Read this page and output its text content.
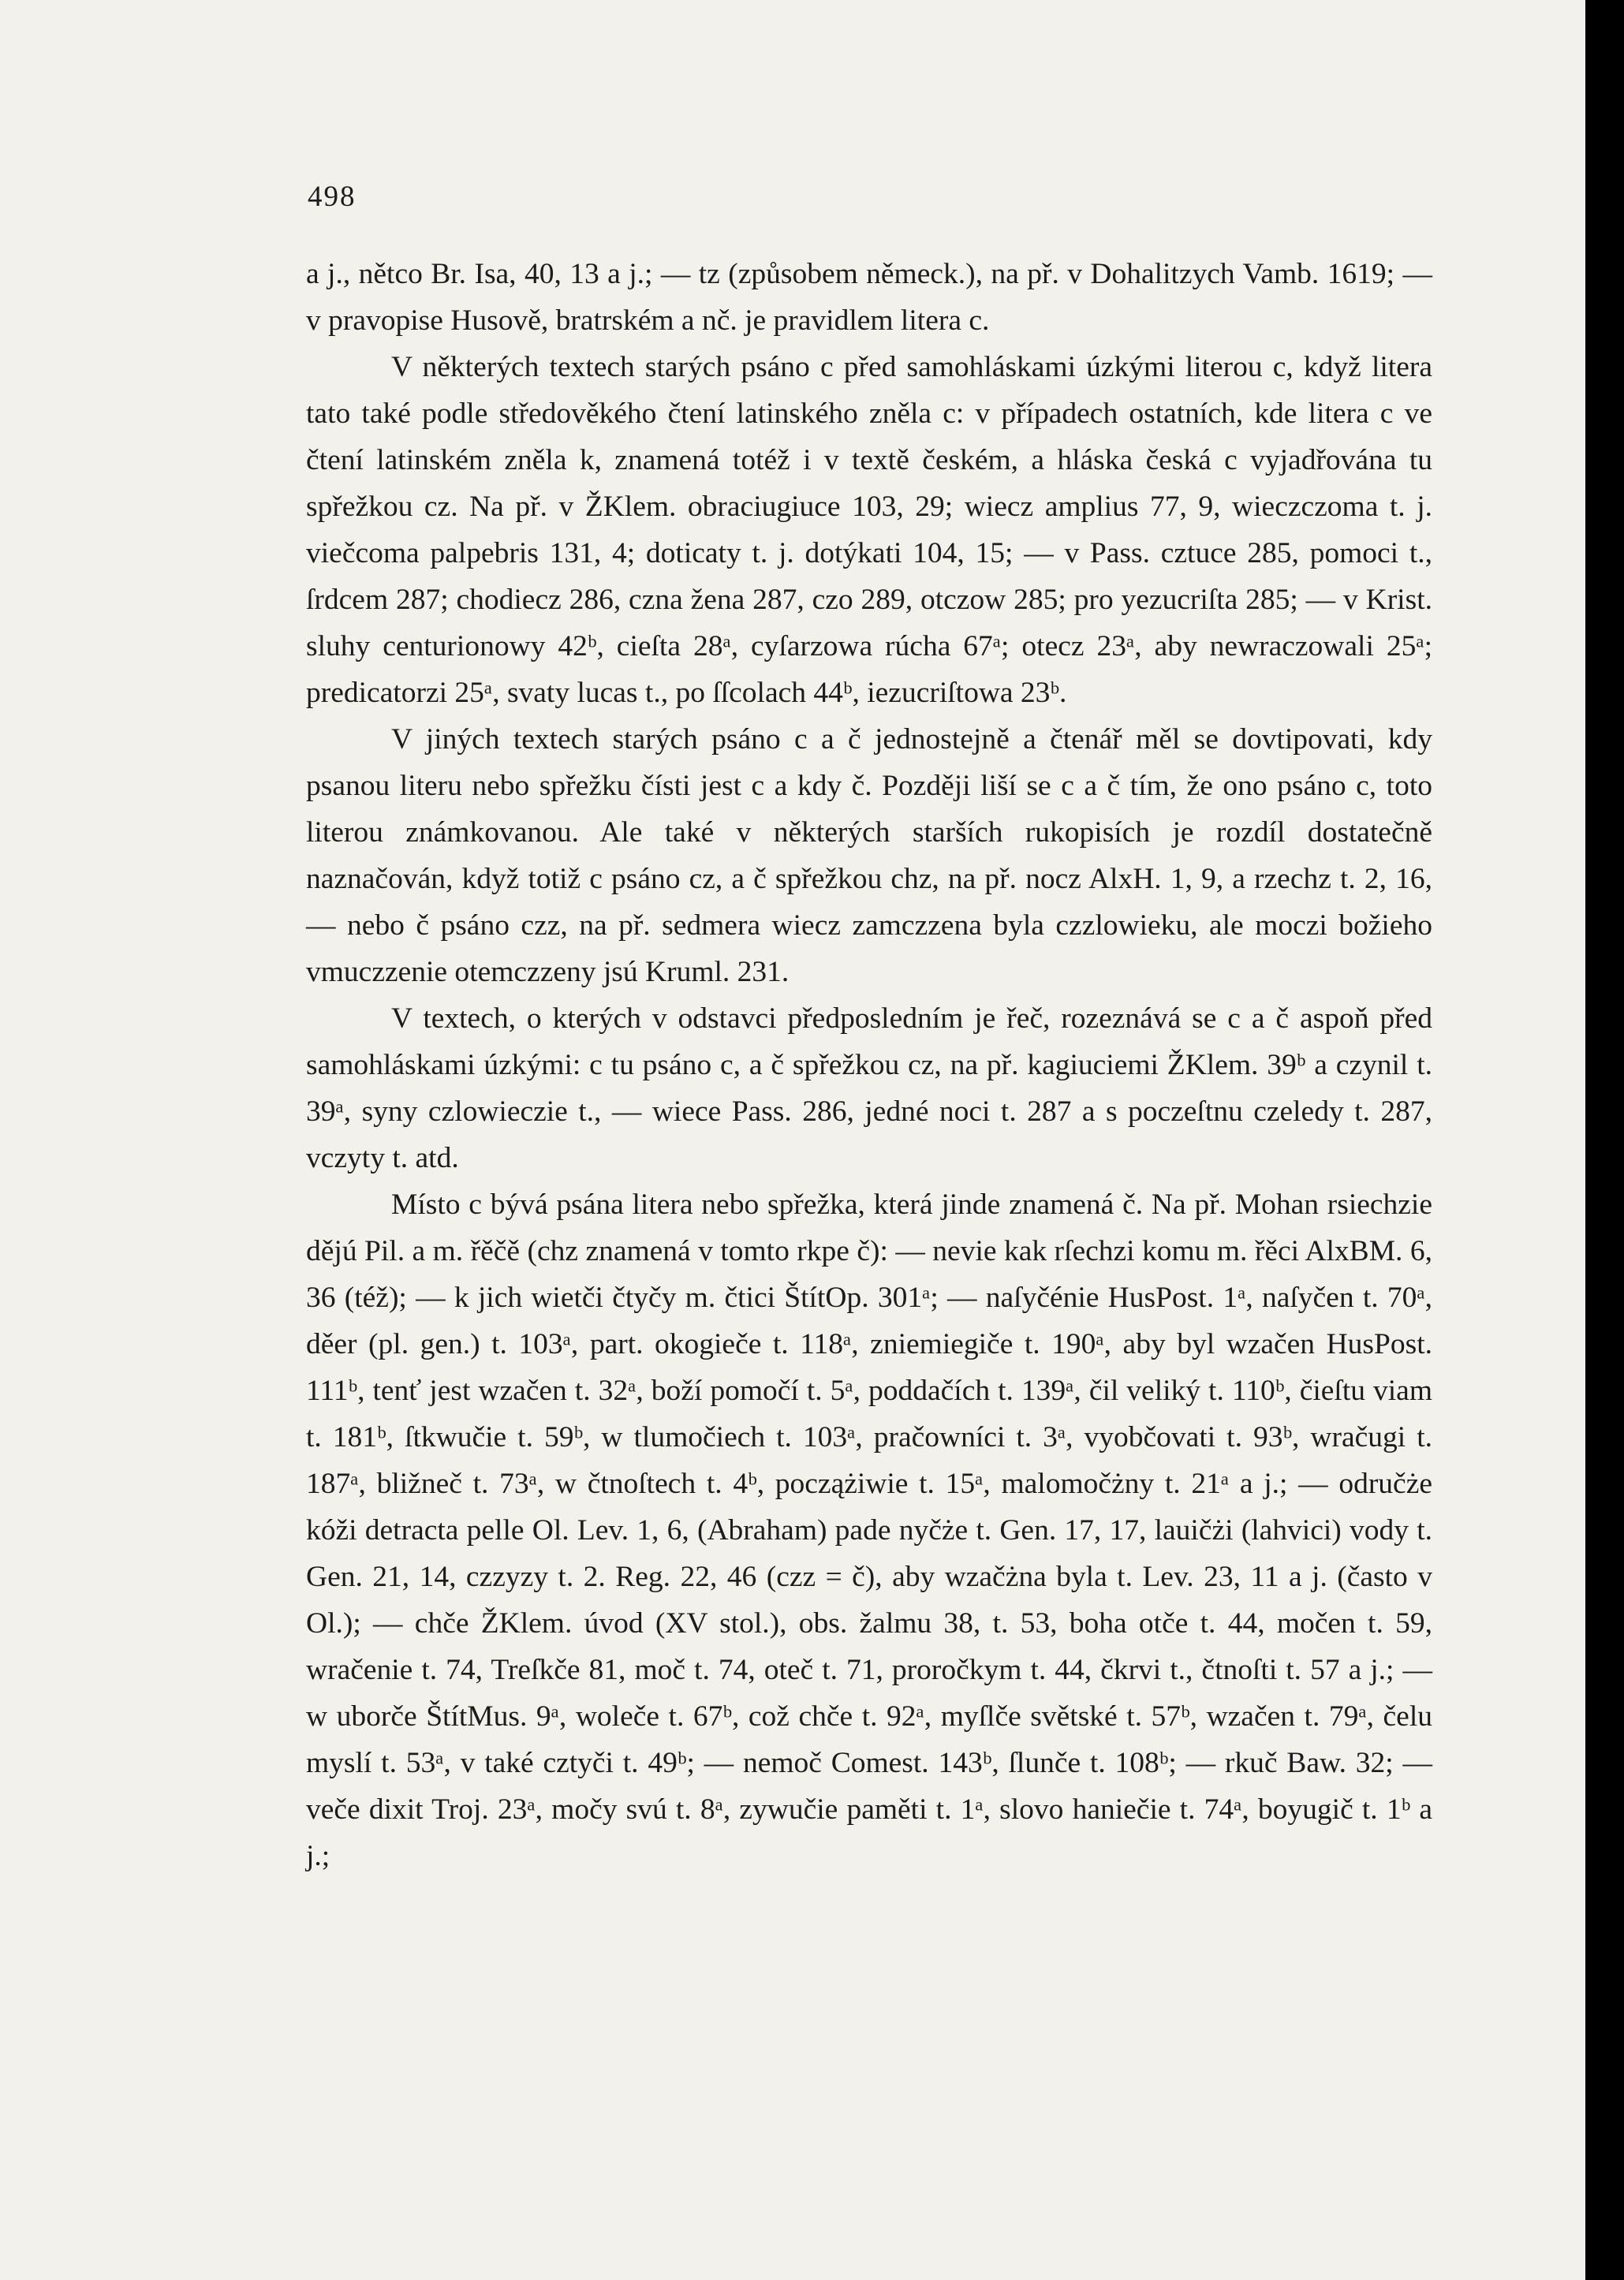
498

a j., nětco Br. Isa, 40, 13 a j.; — tz (způsobem německ.), na př. v Dohalitzych Vamb. 1619; — v pravopise Husově, bratrském a nč. je pravidlem litera c.

V některých textech starých psáno c před samohláskami úzkými literou c, když litera tato také podle středověkého čtení latinského zněla c: v případech ostatních, kde litera c ve čtení latinském zněla k, znamená totéž i v textě českém, a hláska česká c vyjadřována tu spřežkou cz. Na př. v ŽKlem. obraciugiuce 103, 29; wiecz amplius 77, 9, wieczczoma t. j. viečcoma palpebris 131, 4; doticaty t. j. dotýkati 104, 15; — v Pass. cztuce 285, pomoci t., ſrdcem 287; chodiecz 286, czna žena 287, czo 289, otczow 285; pro yezucriſta 285; — v Krist. sluhy centurionowy 42ᵇ, cieſta 28ᵃ, cyſarzowa rúcha 67ᵃ; otecz 23ᵃ, aby newraczowali 25ᵃ; predicatorzi 25ᵃ, svaty lucas t., po ſſcolach 44ᵇ, iezucriſtowa 23ᵇ.

V jiných textech starých psáno c a č jednostejně a čtenář měl se dovtipovati, kdy psanou literu nebo spřežku čísti jest c a kdy č. Později liší se c a č tím, že ono psáno c, toto literou známkovanou. Ale také v některých starších rukopisích je rozdíl dostatečně naznačován, když totiž c psáno cz, a č spřežkou chz, na př. nocz AlxH. 1, 9, a rzechz t. 2, 16, — nebo č psáno czz, na př. sedmera wiecz zamczzena byla czzlowieku, ale moczi božieho vmuczzenie otemczzeny jsú Kruml. 231.

V textech, o kterých v odstavci předposledním je řeč, rozeznává se c a č aspoň před samohláskami úzkými: c tu psáno c, a č spřežkou cz, na př. kagiuciemi ŽKlem. 39ᵇ a czynil t. 39ᵃ, syny czlowieczie t., — wiece Pass. 286, jedné noci t. 287 a s poczeſtnu czeledy t. 287, vczyty t. atd.

Místo c bývá psána litera nebo spřežka, která jinde znamená č. Na př. Mohan rsiechzie dějú Pil. a m. řěčě (chz znamená v tomto rkpe č): — nevie kak rſechzi komu m. řěci AlxBM. 6, 36 (též); — k jich wietči čtyčy m. čtici ŠtítOp. 301ᵃ; — naſyčénie HusPost. 1ᵃ, naſyčen t. 70ᵃ, děer (pl. gen.) t. 103ᵃ, part. okogieče t. 118ᵃ, zniemiegiče t. 190ᵃ, aby byl wzačen HusPost. 111ᵇ, tenť jest wzačen t. 32ᵃ, boží pomočí t. 5ᵃ, poddačích t. 139ᵃ, čil veliký t. 110ᵇ, čieſtu viam t. 181ᵇ, ſtkwučie t. 59ᵇ, w tlumočiech t. 103ᵃ, pračowníci t. 3ᵃ, vyobčovati t. 93ᵇ, wračugi t. 187ᵃ, bližneč t. 73ᵃ, w čtnoſtech t. 4ᵇ, począżiwie t. 15ᵃ, malomočżny t. 21ᵃ a j.; — odručże kóži detracta pelle Ol. Lev. 1, 6, (Abraham) pade nyčże t. Gen. 17, 17, lauičżi (lahvici) vody t. Gen. 21, 14, czzyzy t. 2. Reg. 22, 46 (czz = č), aby wzačżna byla t. Lev. 23, 11 a j. (často v Ol.); — chče ŽKlem. úvod (XV stol.), obs. žalmu 38, t. 53, boha otče t. 44, močen t. 59, wračenie t. 74, Treſkče 81, moč t. 74, oteč t. 71, proročkym t. 44, čkrvi t., čtnoſti t. 57 a j.; — w uborče ŠtítMus. 9ᵃ, woleče t. 67ᵇ, což chče t. 92ᵃ, myſlče světské t. 57ᵇ, wzačen t. 79ᵃ, čelu myslí t. 53ᵃ, v také cztyči t. 49ᵇ; — nemoč Comest. 143ᵇ, ſlunče t. 108ᵇ; — rkuč Baw. 32; — veče dixit Troj. 23ᵃ, močy svú t. 8ᵃ, zywučie paměti t. 1ᵃ, slovo haniečie t. 74ᵃ, boyugič t. 1ᵇ a j.;
